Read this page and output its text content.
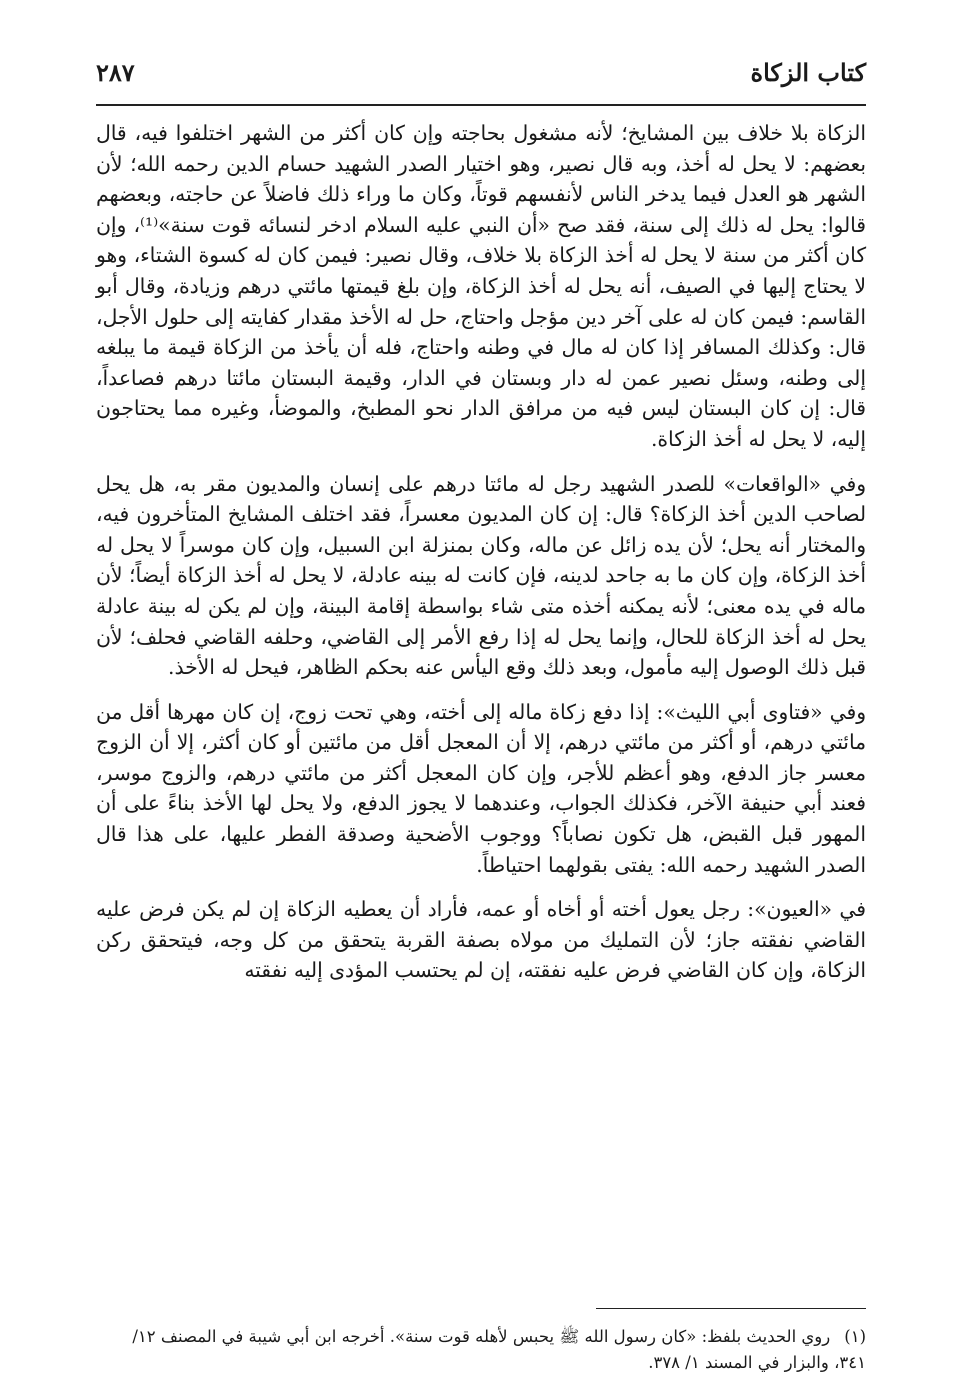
كتاب الزكاة
٢٨٧

الزكاة بلا خلاف بين المشايخ؛ لأنه مشغول بحاجته وإن كان أكثر من الشهر اختلفوا فيه، قال بعضهم: لا يحل له أخذ، وبه قال نصير، وهو اختيار الصدر الشهيد حسام الدين رحمه الله؛ لأن الشهر هو العدل فيما يدخر الناس لأنفسهم قوتاً، وكان ما وراء ذلك فاضلاً عن حاجته، وبعضهم قالوا: يحل له ذلك إلى سنة، فقد صح «أن النبي عليه السلام ادخر لنسائه قوت سنة»⁽¹⁾، وإن كان أكثر من سنة لا يحل له أخذ الزكاة بلا خلاف، وقال نصير: فيمن كان له كسوة الشتاء، وهو لا يحتاج إليها في الصيف، أنه يحل له أخذ الزكاة، وإن بلغ قيمتها مائتي درهم وزيادة، وقال أبو القاسم: فيمن كان له على آخر دين مؤجل واحتاج، حل له الأخذ مقدار كفايته إلى حلول الأجل، قال: وكذلك المسافر إذا كان له مال في وطنه واحتاج، فله أن يأخذ من الزكاة قيمة ما يبلغه إلى وطنه، وسئل نصير عمن له دار وبستان في الدار، وقيمة البستان مائتا درهم فصاعداً، قال: إن كان البستان ليس فيه من مرافق الدار نحو المطبخ، والموضأ، وغيره مما يحتاجون إليه، لا يحل له أخذ الزكاة.

وفي «الواقعات» للصدر الشهيد رجل له مائتا درهم على إنسان والمديون مقر به، هل يحل لصاحب الدين أخذ الزكاة؟ قال: إن كان المديون معسراً، فقد اختلف المشايخ المتأخرون فيه، والمختار أنه يحل؛ لأن يده زائل عن ماله، وكان بمنزلة ابن السبيل، وإن كان موسراً لا يحل له أخذ الزكاة، وإن كان ما به جاحد لدينه، فإن كانت له بينه عادلة، لا يحل له أخذ الزكاة أيضاً؛ لأن ماله في يده معنى؛ لأنه يمكنه أخذه متى شاء بواسطة إقامة البينة، وإن لم يكن له بينة عادلة يحل له أخذ الزكاة للحال، وإنما يحل له إذا رفع الأمر إلى القاضي، وحلفه القاضي فحلف؛ لأن قبل ذلك الوصول إليه مأمول، وبعد ذلك وقع اليأس عنه بحكم الظاهر، فيحل له الأخذ.

وفي «فتاوى أبي الليث»: إذا دفع زكاة ماله إلى أخته، وهي تحت زوج، إن كان مهرها أقل من مائتي درهم، أو أكثر من مائتي درهم، إلا أن المعجل أقل من مائتين أو كان أكثر، إلا أن الزوج معسر جاز الدفع، وهو أعظم للأجر، وإن كان المعجل أكثر من مائتي درهم، والزوج موسر، فعند أبي حنيفة الآخر، فكذلك الجواب، وعندهما لا يجوز الدفع، ولا يحل لها الأخذ بناءً على أن المهور قبل القبض، هل تكون نصاباً؟ ووجوب الأضحية وصدقة الفطر عليها، على هذا قال الصدر الشهيد رحمه الله: يفتى بقولهما احتياطاً.

في «العيون»: رجل يعول أخته أو أخاه أو عمه، فأراد أن يعطيه الزكاة إن لم يكن فرض عليه القاضي نفقته جاز؛ لأن التمليك من مولاه بصفة القربة يتحقق من كل وجه، فيتحقق ركن الزكاة، وإن كان القاضي فرض عليه نفقته، إن لم يحتسب المؤدى إليه نفقته

(١)روي الحديث بلفظ: «كان رسول الله ﷺ يحبس لأهله قوت سنة». أخرجه ابن أبي شيبة في المصنف ١٢/ ٣٤١، والبزار في المسند ١/ ٣٧٨.
